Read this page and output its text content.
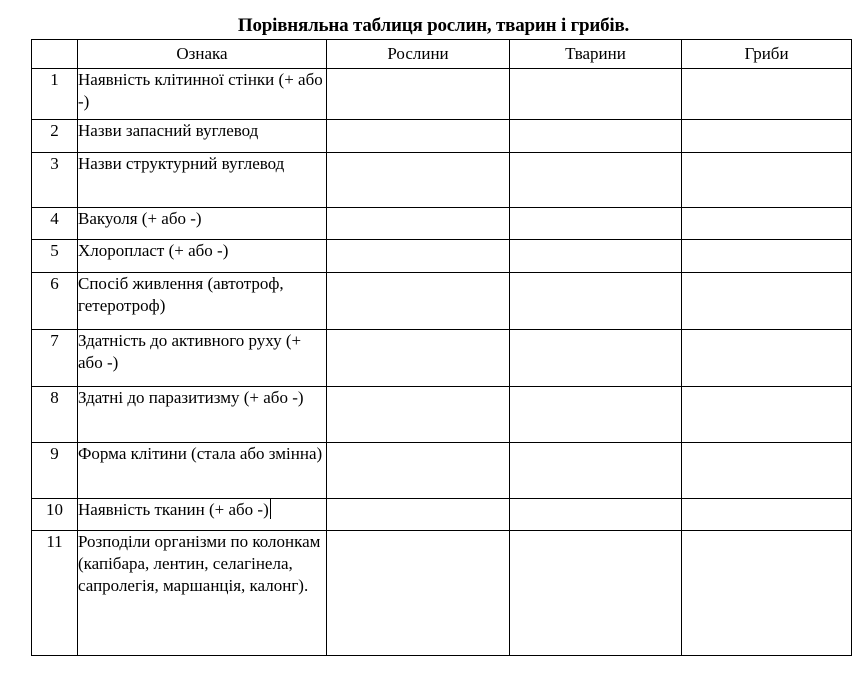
Порівняльна таблиця рослин, тварин і грибів.
	Ознака	Рослини	Тварини	Гриби
1	Наявність клітинної стінки (+ або -)			
2	Назви запасний вуглевод			
3	Назви структурний вуглевод			
4	Вакуоля (+ або -)			
5	Хлоропласт (+ або -)			
6	Спосіб живлення (автотроф, гетеротроф)			
7	Здатність до активного руху (+ або -)			
8	Здатні до паразитизму (+ або -)			
9	Форма клітини (стала або змінна)			
10	Наявність тканин (+ або -)			
11	Розподіли організми по колонкам (капібара, лентин, селагінела, сапролегія, маршанція, калонг).			
